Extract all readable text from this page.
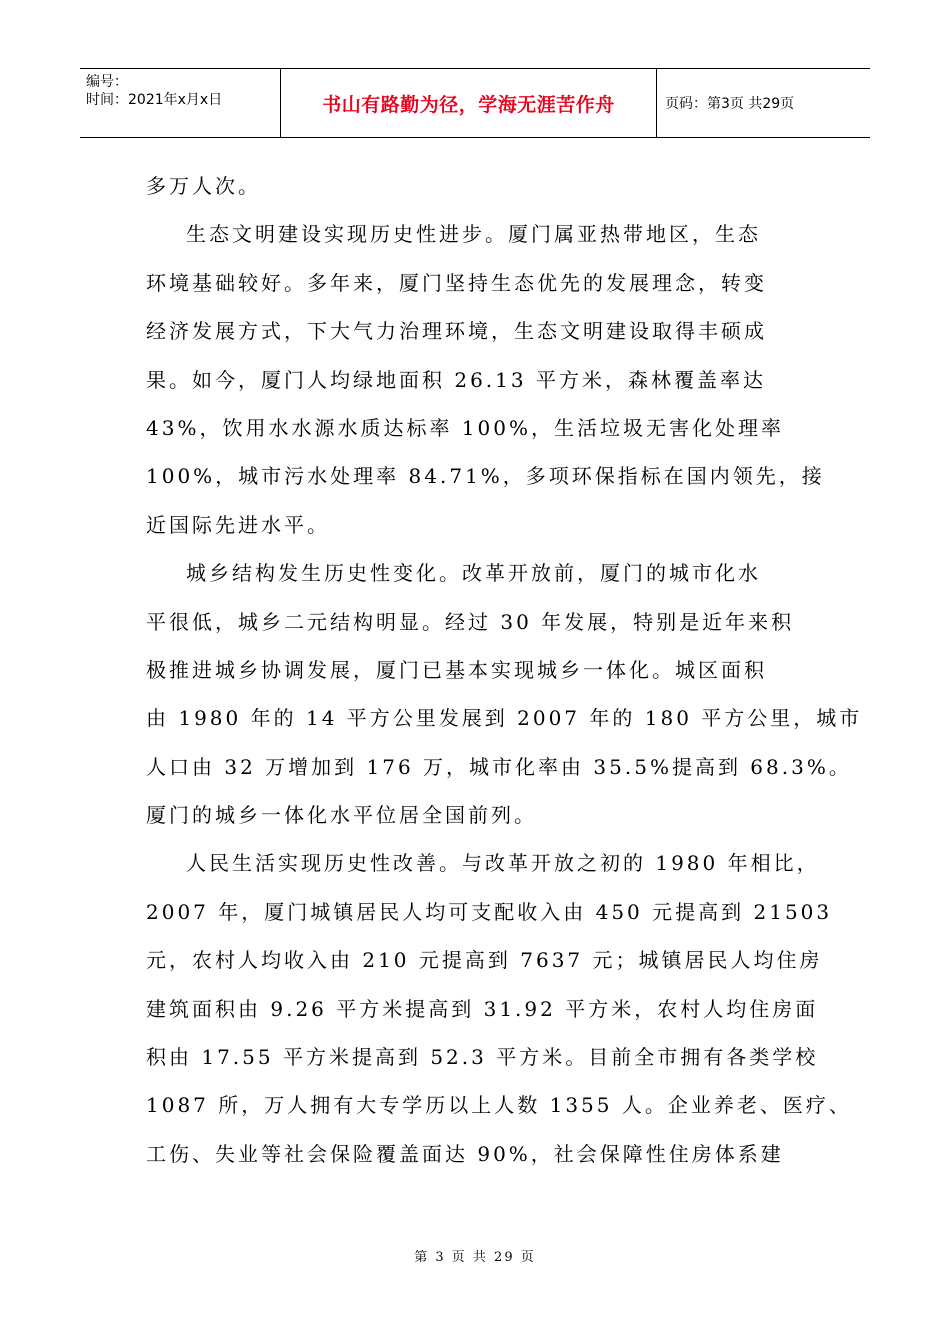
编号：
时间：2021年x月x日	书山有路勤为径，学海无涯苦作舟	页码：第3页 共29页
多万人次。
生态文明建设实现历史性进步。厦门属亚热带地区，生态
环境基础较好。多年来，厦门坚持生态优先的发展理念，转变
经济发展方式，下大气力治理环境，生态文明建设取得丰硕成
果。如今，厦门人均绿地面积 26.13 平方米，森林覆盖率达
43%，饮用水水源水质达标率 100%，生活垃圾无害化处理率
100%，城市污水处理率 84.71%，多项环保指标在国内领先，接
近国际先进水平。
城乡结构发生历史性变化。改革开放前，厦门的城市化水
平很低，城乡二元结构明显。经过 30 年发展，特别是近年来积
极推进城乡协调发展，厦门已基本实现城乡一体化。城区面积
由 1980 年的 14 平方公里发展到 2007 年的 180 平方公里，城市
人口由 32 万增加到 176 万，城市化率由 35.5%提高到 68.3%。
厦门的城乡一体化水平位居全国前列。
人民生活实现历史性改善。与改革开放之初的 1980 年相比，
2007 年，厦门城镇居民人均可支配收入由 450 元提高到 21503
元，农村人均收入由 210 元提高到 7637 元；城镇居民人均住房
建筑面积由 9.26 平方米提高到 31.92 平方米，农村人均住房面
积由 17.55 平方米提高到 52.3 平方米。目前全市拥有各类学校
1087 所，万人拥有大专学历以上人数 1355 人。企业养老、医疗、
工伤、失业等社会保险覆盖面达 90%，社会保障性住房体系建
第 3 页 共 29 页
